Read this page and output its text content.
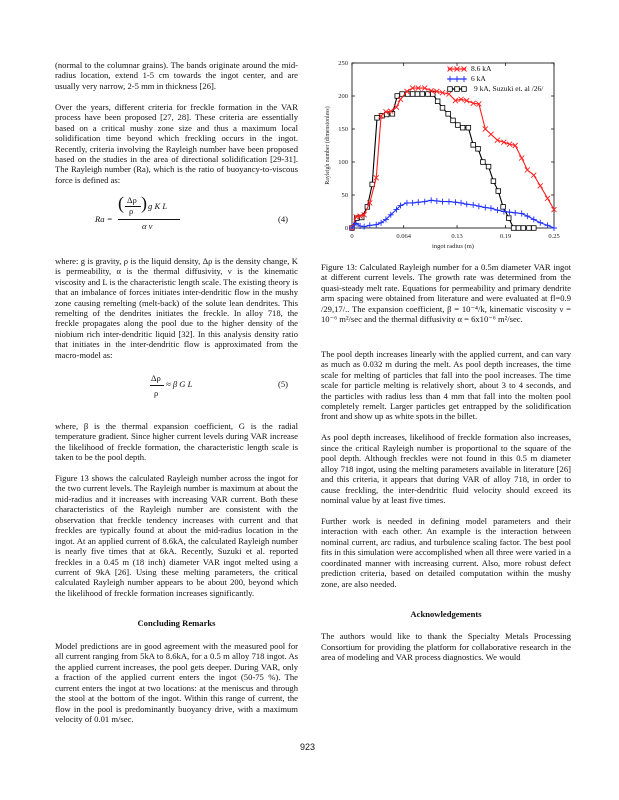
(normal to the columnar grains). The bands originate around the mid-radius location, extend 1-5 cm towards the ingot center, and are usually very narrow, 2-5 mm in thickness [26].

Over the years, different criteria for freckle formation in the VAR process have been proposed [27, 28]. These criteria are essentially based on a critical mushy zone size and thus a maximum local solidification time beyond which freckling occurs in the ingot. Recently, criteria involving the Rayleigh number have been proposed based on the studies in the area of directional solidification [29-31]. The Rayleigh number (Ra), which is the ratio of buoyancy-to-viscous force is defined as:

Ra =
( Δρ
ρ ) g K L
α ν
(4)

where: g is gravity, ρ is the liquid density, Δρ is the density change, K is permeability, α is the thermal diffusivity, ν is the kinematic viscosity and L is the characteristic length scale. The existing theory is that an imbalance of forces initiates inter-dendritic flow in the mushy zone causing remelting (melt-back) of the solute lean dendrites. This remelting of the dendrites initiates the freckle. In alloy 718, the freckle propagates along the pool due to the higher density of the niobium rich inter-dendritic liquid [32]. In this analysis density ratio that initiates in the inter-dendritic flow is approximated from the macro-model as:

Δρ
ρ
≈ β G L	(5)

where, β is the thermal expansion coefficient, G is the radial temperature gradient. Since higher current levels during VAR increase the likelihood of freckle formation, the characteristic length scale is taken to be the pool depth.

Figure 13 shows the calculated Rayleigh number across the ingot for the two current levels. The Rayleigh number is maximum at about the mid-radius and it increases with increasing VAR current. Both these characteristics of the Rayleigh number are consistent with the observation that freckle tendency increases with current and that freckles are typically found at about the mid-radius location in the ingot. At an applied current of 8.6kA, the calculated Rayleigh number is nearly five times that at 6kA. Recently, Suzuki et al. reported freckles in a 0.45 m (18 inch) diameter VAR ingot melted using a current of 9kA [26]. Using these melting parameters, the critical calculated Rayleigh number appears to be about 200, beyond which the likelihood of freckle formation increases significantly.

Concluding Remarks

Model predictions are in good agreement with the measured pool for all current ranging from 5kA to 8.6kA, for a 0.5 m alloy 718 ingot. As the applied current increases, the pool gets deeper. During VAR, only a fraction of the applied current enters the ingot (50-75 %). The current enters the ingot at two locations: at the meniscus and through the stool at the bottom of the ingot. Within this range of current, the flow in the pool is predominantly buoyancy drive, with a maximum velocity of 0.01 m/sec.

0
50
100
150
200
250
0	0.064	0.13	0.19	0.25
ingot radius (m)
Rayleigh number (dimensionless)
8.6 kA
6 kA
9 kA, Suzuki et. al /26/

Figure 13: Calculated Rayleigh number for a 0.5m diameter VAR ingot at different current levels. The growth rate was determined from the quasi-steady melt rate. Equations for permeability and primary dendrite arm spacing were obtained from literature and were evaluated at fl=0.9 /29,17/.. The expansion coefficient, β = 10⁻⁴/k, kinematic viscosity ν = 10⁻⁶ m²/sec and the thermal diffusivity α = 6x10⁻⁶ m²/sec.

The pool depth increases linearly with the applied current, and can vary as much as 0.032 m during the melt. As pool depth increases, the time scale for melting of particles that fall into the pool increases. The time scale for particle melting is relatively short, about 3 to 4 seconds, and the particles with radius less than 4 mm that fall into the molten pool completely remelt. Larger particles get entrapped by the solidification front and show up as white spots in the billet.

As pool depth increases, likelihood of freckle formation also increases, since the critical Rayleigh number is proportional to the square of the pool depth. Although freckles were not found in this 0.5 m diameter alloy 718 ingot, using the melting parameters available in literature [26] and this criteria, it appears that during VAR of alloy 718, in order to cause freckling, the inter-dendritic fluid velocity should exceed its nominal value by at least five times.

Further work is needed in defining model parameters and their interaction with each other. An example is the interaction between nominal current, arc radius, and turbulence scaling factor. The best pool fits in this simulation were accomplished when all three were varied in a coordinated manner with increasing current. Also, more robust defect prediction criteria, based on detailed computation within the mushy zone, are also needed.

Acknowledgements

The authors would like to thank the Specialty Metals Processing Consortium for providing the platform for collaborative research in the area of modeling and VAR process diagnostics. We would

923
